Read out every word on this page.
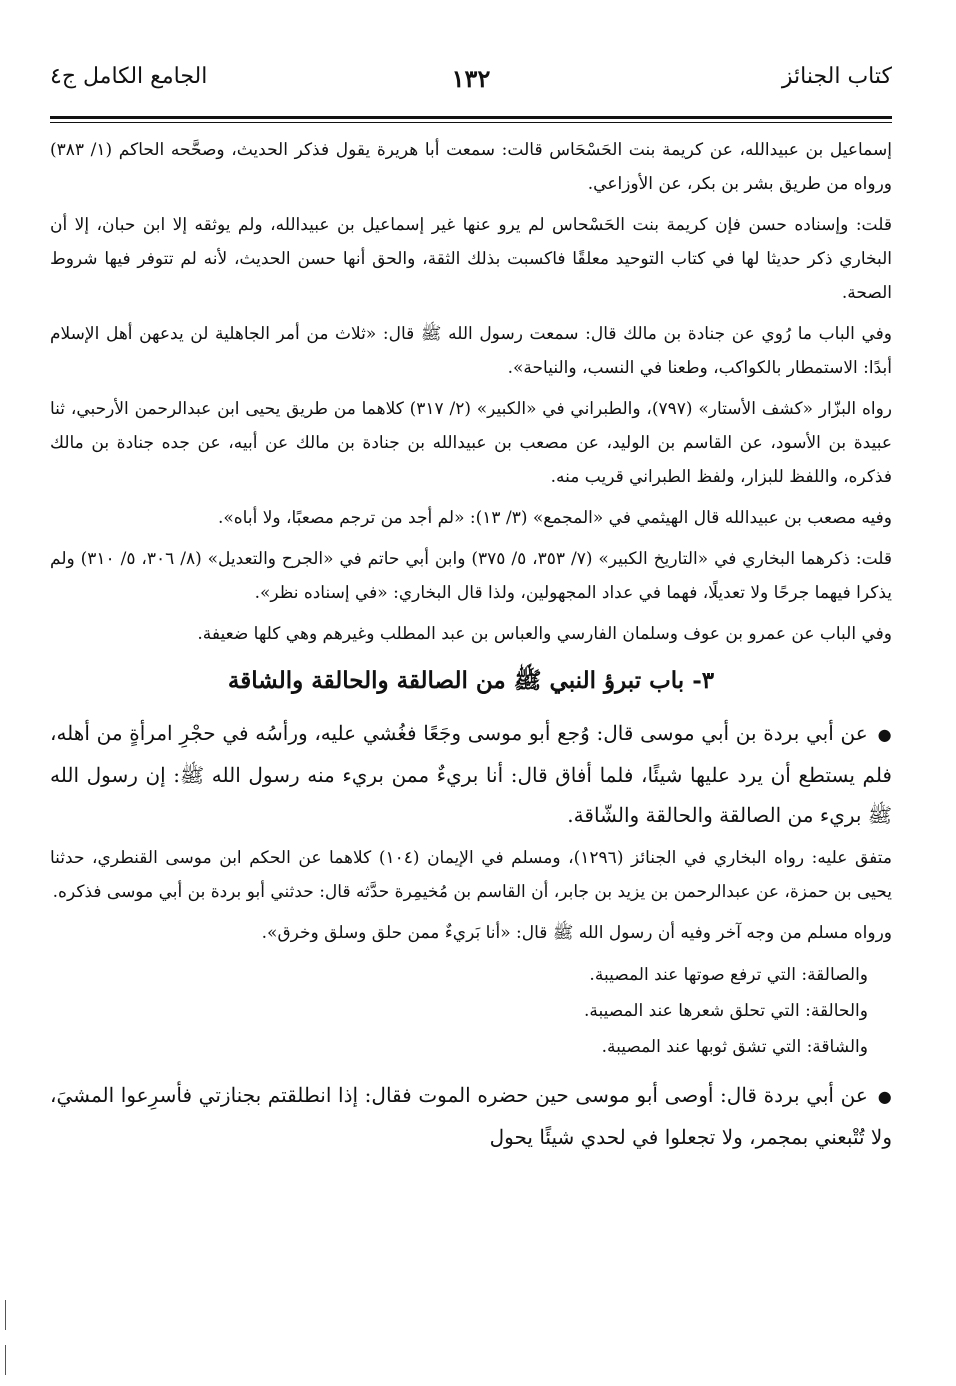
كتاب الجنائز
١٣٢
الجامع الكامل ج٤

إسماعيل بن عبيدالله، عن كريمة بنت الحَسْحَاس قالت: سمعت أبا هريرة يقول فذكر الحديث، وصحَّحه الحاكم (١/ ٣٨٣) ورواه من طريق بشر بن بكر، عن الأوزاعي.

قلت: وإسناده حسن فإن كريمة بنت الحَسْحاس لم يرو عنها غير إسماعيل بن عبيدالله، ولم يوثقه إلا ابن حبان، إلا أن البخاري ذكر حديثا لها في كتاب التوحيد معلقًا فاكسبت بذلك الثقة، والحق أنها حسن الحديث، لأنه لم تتوفر فيها شروط الصحة.

وفي الباب ما رُوي عن جنادة بن مالك قال: سمعت رسول الله ﷺ قال: «ثلاث من أمر الجاهلية لن يدعهن أهل الإسلام أبدًا: الاستمطار بالكواكب، وطعنا في النسب، والنياحة».

رواه البزّار «كشف الأستار» (٧٩٧)، والطبراني في «الكبير» (٢/ ٣١٧) كلاهما من طريق يحيى ابن عبدالرحمن الأرحبي، ثنا عبيدة بن الأسود، عن القاسم بن الوليد، عن مصعب بن عبيدالله بن جنادة بن مالك عن أبيه، عن جده جنادة بن مالك فذكره، واللفظ للبزار، ولفظ الطبراني قريب منه.

وفيه مصعب بن عبيدالله قال الهيثمي في «المجمع» (٣/ ١٣): «لم أجد من ترجم مصعبًا، ولا أباه».

قلت: ذكرهما البخاري في «التاريخ الكبير» (٧/ ٣٥٣، ٥/ ٣٧٥) وابن أبي حاتم في «الجرح والتعديل» (٨/ ٣٠٦، ٥/ ٣١٠) ولم يذكرا فيهما جرحًا ولا تعديلًا، فهما في عداد المجهولين، ولذا قال البخاري: «في إسناده نظر».

وفي الباب عن عمرو بن عوف وسلمان الفارسي والعباس بن عبد المطلب وغيرهم وهي كلها ضعيفة.

٣- باب تبرؤ النبي ﷺ من الصالقة والحالقة والشاقة

●عن أبي بردة بن أبي موسى قال: وُجع أبو موسى وجَعًا فغُشي عليه، ورأسُه في حجْرِ امرأةٍ من أهله، فلم يستطع أن يرد عليها شيئًا، فلما أفاق قال: أنا بريءٌ ممن بريء منه رسول الله ﷺ: إن رسول الله ﷺ بريء من الصالقة والحالقة والشّاقة.

متفق عليه: رواه البخاري في الجنائز (١٢٩٦)، ومسلم في الإيمان (١٠٤) كلاهما عن الحكم ابن موسى القنطري، حدثنا يحيى بن حمزة، عن عبدالرحمن بن يزيد بن جابر، أن القاسم بن مُخيمِرة حدَّثه قال: حدثني أبو بردة بن أبي موسى فذكره.

ورواه مسلم من وجه آخر وفيه أن رسول الله ﷺ قال: «أنا بَريءٌ ممن حلق وسلق وخرق».

والصالقة: التي ترفع صوتها عند المصيبة.
والحالقة: التي تحلق شعرها عند المصيبة.
والشاقة: التي تشق ثوبها عند المصيبة.

●عن أبي بردة قال: أوصى أبو موسى حين حضره الموت فقال: إذا انطلقتم بجنازتي فأسرِعوا المشيَ، ولا تُتْبعني بمجمر، ولا تجعلوا في لحدي شيئًا يحول
